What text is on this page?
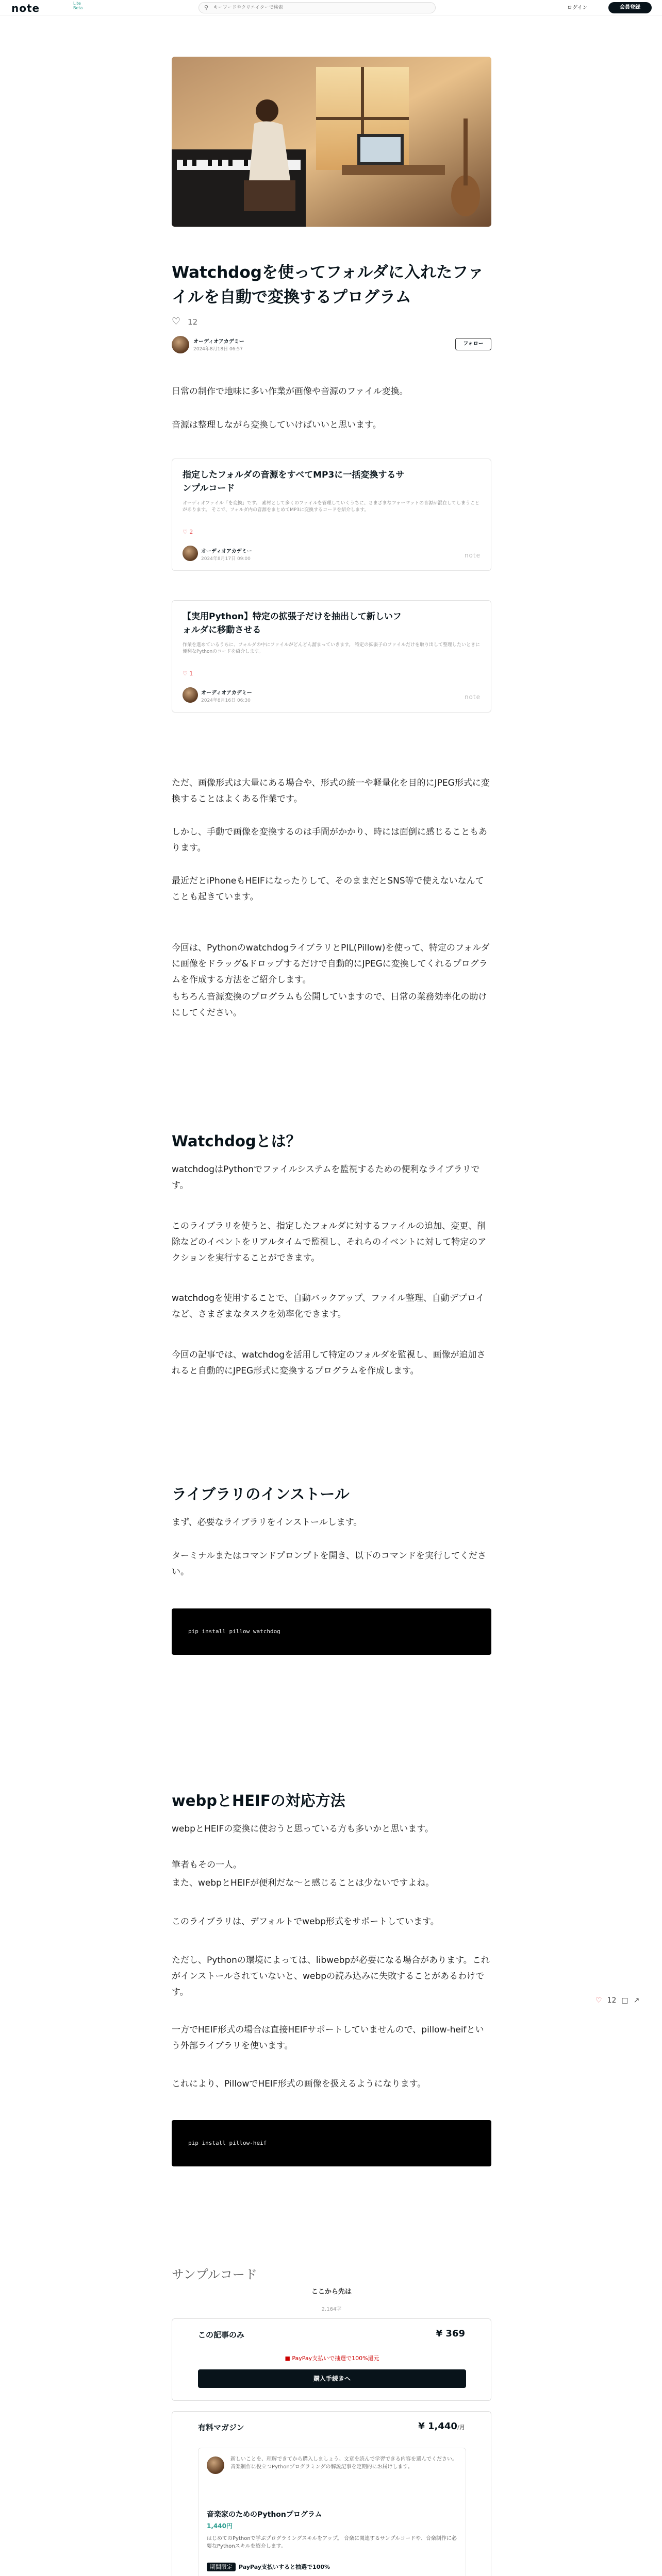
note	Lite
Beta	⚲
キーワードやクリエイターで検索	ログイン	会員登録
Watchdogを使ってフォルダに入れたファイルを自動で変換するプログラム
♡ 12
オーディオアカデミー
2024年8月18日 06:57
フォロー
日常の制作で地味に多い作業が画像や音源のファイル変換。
音源は整理しながら変換していけばいいと思います。
指定したフォルダの音源をすべてMP3に一括変換するサンプルコード
オーディオファイル「を変換」です。 素材として多くのファイルを管理していくうちに、さまざまなフォーマットの音源が混在してしまうことがあります。 そこで、フォルダ内の音源をまとめてMP3に変換するコードを紹介します。
♡ 2
オーディオアカデミー
2024年8月17日 09:00	note
【実用Python】特定の拡張子だけを抽出して新しいフォルダに移動させる
作業を進めているうちに、フォルダの中にファイルがどんどん溜まっていきます。 特定の拡張子のファイルだけを取り出して整理したいときに便利なPythonのコードを紹介します。
♡ 1
オーディオアカデミー
2024年8月16日 06:30	note
ただ、画像形式は大量にある場合や、形式の統一や軽量化を目的にJPEG形式に変換することはよくある作業です。
しかし、手動で画像を変換するのは手間がかかり、時には面倒に感じることもあります。
最近だとiPhoneもHEIFになったりして、そのままだとSNS等で使えないなんてことも起きています。
今回は、PythonのwatchdogライブラリとPIL(Pillow)を使って、特定のフォルダに画像をドラッグ&ドロップするだけで自動的にJPEGに変換してくれるプログラムを作成する方法をご紹介します。
もちろん音源変換のプログラムも公開していますので、日常の業務効率化の助けにしてください。
Watchdogとは？
watchdogはPythonでファイルシステムを監視するための便利なライブラリです。
このライブラリを使うと、指定したフォルダに対するファイルの追加、変更、削除などのイベントをリアルタイムで監視し、それらのイベントに対して特定のアクションを実行することができます。
watchdogを使用することで、自動バックアップ、ファイル整理、自動デプロイなど、さまざまなタスクを効率化できます。
今回の記事では、watchdogを活用して特定のフォルダを監視し、画像が追加されると自動的にJPEG形式に変換するプログラムを作成します。
ライブラリのインストール
まず、必要なライブラリをインストールします。
ターミナルまたはコマンドプロンプトを開き、以下のコマンドを実行してください。
pip install pillow watchdog
webpとHEIFの対応方法
webpとHEIFの変換に使おうと思っている方も多いかと思います。
筆者もその一人。
また、webpとHEIFが便利だな〜と感じることは少ないですよね。
このライブラリは、デフォルトでwebp形式をサポートしています。
ただし、Pythonの環境によっては、libwebpが必要になる場合があります。これがインストールされていないと、webpの読み込みに失敗することがあるわけです。
一方でHEIF形式の場合は直接HEIFサポートしていませんので、pillow-heifという外部ライブラリを使います。
これにより、PillowでHEIF形式の画像を扱えるようになります。
pip install pillow-heif
♡ 12 □ ↗
サンプルコード
ここから先は
2,164字
この記事のみ	¥ 369
■ PayPay支払いで抽選で100%還元
購入手続きへ
有料マガジン	¥ 1,440/月
新しいことを、理解できてから購入しましょう。文章を読んで学習できる内容を選んでください。音楽制作に役立つPythonプログラミングの解説記事を定期的にお届けします。
音楽家のためのPythonプログラム
1,440円
はじめてのPythonで学ぶプログラミングスキルをアップ。 音楽に関連するサンプルコードや、音楽制作に必要なPythonスキルを紹介します。
期間限定 PayPay支払いすると抽選で100%
